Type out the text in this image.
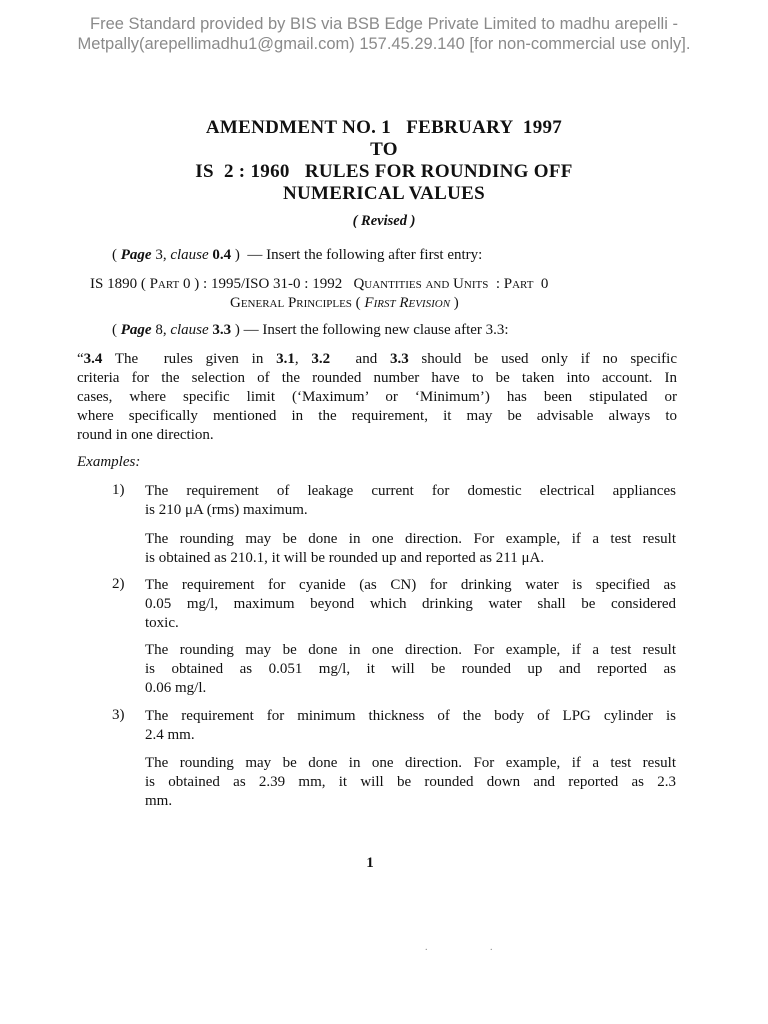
Free Standard provided by BIS via BSB Edge Private Limited to madhu arepelli -
Metpally(arepellimadhu1@gmail.com) 157.45.29.140 [for non-commercial use only].
AMENDMENT NO. 1   FEBRUARY  1997
TO
IS  2 : 1960   RULES FOR ROUNDING OFF
NUMERICAL VALUES
( Revised )
( Page 3, clause 0.4 )  — Insert the following after first entry:
IS 1890 ( Part 0 ) : 1995/ISO 31-0 : 1992   Quantities and Units  : Part  0
General Principles ( First Revision )
( Page 8, clause 3.3 ) — Insert the following new clause after 3.3:
“3.4 The  rules given in 3.1, 3.2  and 3.3 should be used only if no specific
criteria for the selection of the rounded number have to be taken into account. In
cases, where specific limit (‘Maximum’ or ‘Minimum’) has been stipulated or
where specifically mentioned in the requirement, it may be advisable always to
round in one direction.
Examples:
1) The requirement of leakage current for domestic electrical appliances
is 210 μA (rms) maximum.
The rounding may be done in one direction. For example, if a test result
is obtained as 210.1, it will be rounded up and reported as 211 μA.
2) The requirement for cyanide (as CN) for drinking water is specified as
0.05 mg/l, maximum beyond which drinking water shall be considered
toxic.
The rounding may be done in one direction. For example, if a test result
is obtained as 0.051 mg/l, it will be rounded up and reported as
0.06 mg/l.
3) The requirement for minimum thickness of the body of LPG cylinder is
2.4 mm.
The rounding may be done in one direction. For example, if a test result
is obtained as 2.39 mm, it will be rounded down and reported as 2.3
mm.
1
. .
